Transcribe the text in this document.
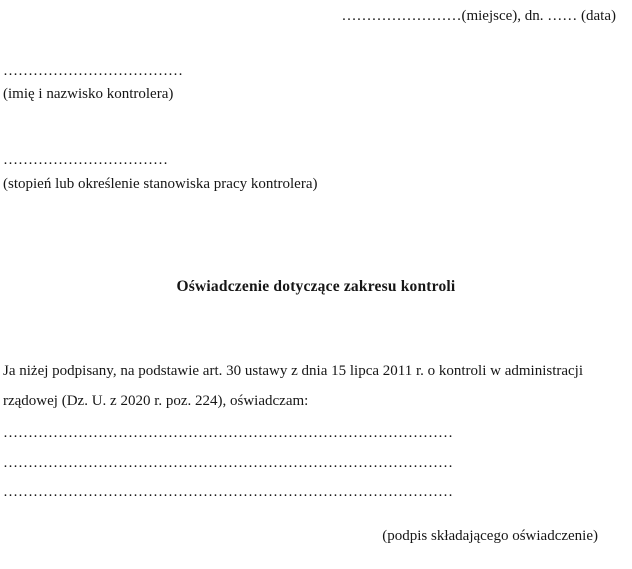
……………………(miejsce), dn. …… (data)
………………………………
(imię i nazwisko kontrolera)
……………………………
(stopień lub określenie stanowiska pracy kontrolera)
Oświadczenie dotyczące zakresu kontroli
Ja niżej podpisany, na podstawie art. 30 ustawy z dnia 15 lipca 2011 r. o kontroli w administracji
rządowej (Dz. U. z 2020 r. poz. 224), oświadczam:
………………………………………………………………………………
………………………………………………………………………………
………………………………………………………………………………
(podpis składającego oświadczenie)
